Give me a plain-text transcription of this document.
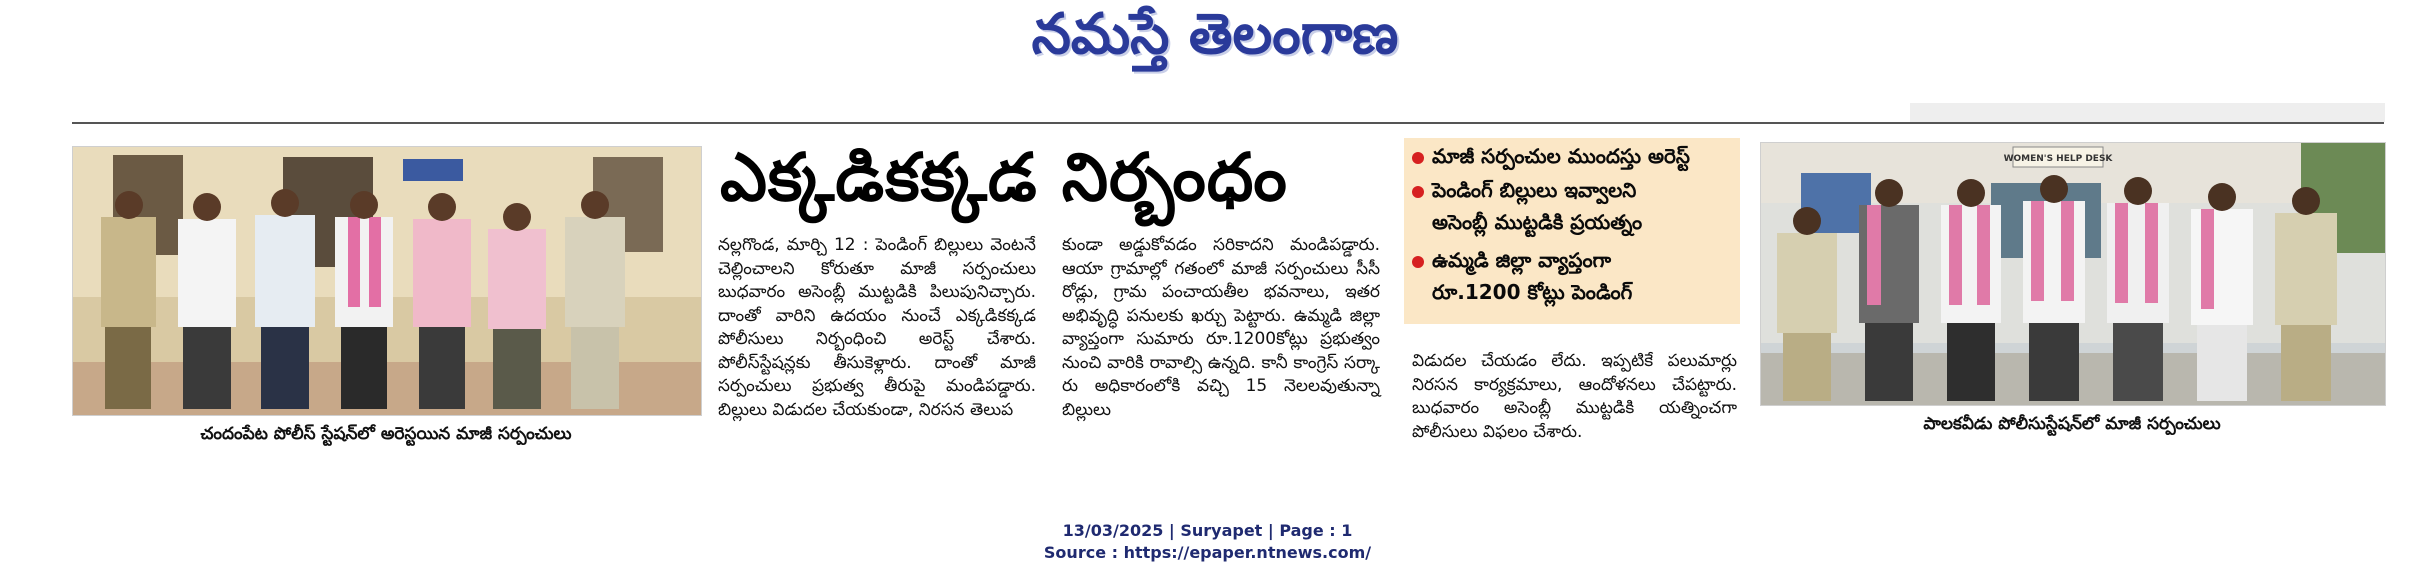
నమస్తే తెలంగాణ
చందంపేట పోలీస్ స్టేషన్‌లో అరెస్టయిన మాజీ సర్పంచులు
ఎక్కడికక్కడ నిర్బంధం
నల్లగొండ, మార్చి 12 : పెండింగ్ బిల్లులు వెంటనే చెల్లించాలని కోరుతూ మాజీ సర్పంచులు బుధవారం అసెంబ్లీ ముట్టడికి పిలుపునిచ్చారు. దాంతో వారిని ఉదయం నుంచే ఎక్కడికక్కడ పోలీసులు నిర్బంధించి అరెస్ట్ చేశారు. పోలీస్‌స్టేషన్లకు తీసుకెళ్లారు. దాంతో మాజీ సర్పంచులు ప్రభుత్వ తీరుపై మండిపడ్డారు. బిల్లులు విడుదల చేయకుండా, నిరసన తెలుప
కుండా అడ్డుకోవడం సరికాదని మండిపడ్డారు. ఆయా గ్రామాల్లో గతంలో మాజీ సర్పంచులు సీసీ రోడ్లు, గ్రామ పంచాయతీల భవనాలు, ఇతర అభివృద్ధి పనులకు ఖర్చు పెట్టారు. ఉమ్మడి జిల్లా వ్యాప్తంగా సుమారు రూ.1200కోట్లు ప్రభుత్వం నుంచి వారికి రావాల్సి ఉన్నది. కానీ కాంగ్రెస్ సర్కా రు అధికారంలోకి వచ్చి 15 నెలలవుతున్నా బిల్లులు
విడుదల చేయడం లేదు. ఇప్పటికే పలుమార్లు నిరసన కార్యక్రమాలు, ఆందోళనలు చేపట్టారు. బుధవారం అసెంబ్లీ ముట్టడికి యత్నించగా పోలీసులు విఫలం చేశారు.
మాజీ సర్పంచుల ముందస్తు అరెస్ట్
పెండింగ్ బిల్లులు ఇవ్వాలని
అసెంబ్లీ ముట్టడికి ప్రయత్నం
ఉమ్మడి జిల్లా వ్యాప్తంగా
రూ.1200 కోట్లు పెండింగ్
WOMEN'S HELP DESK
పాలకవీడు పోలీసుస్టేషన్‌లో మాజీ సర్పంచులు
13/03/2025 | Suryapet | Page : 1
Source : https://epaper.ntnews.com/
